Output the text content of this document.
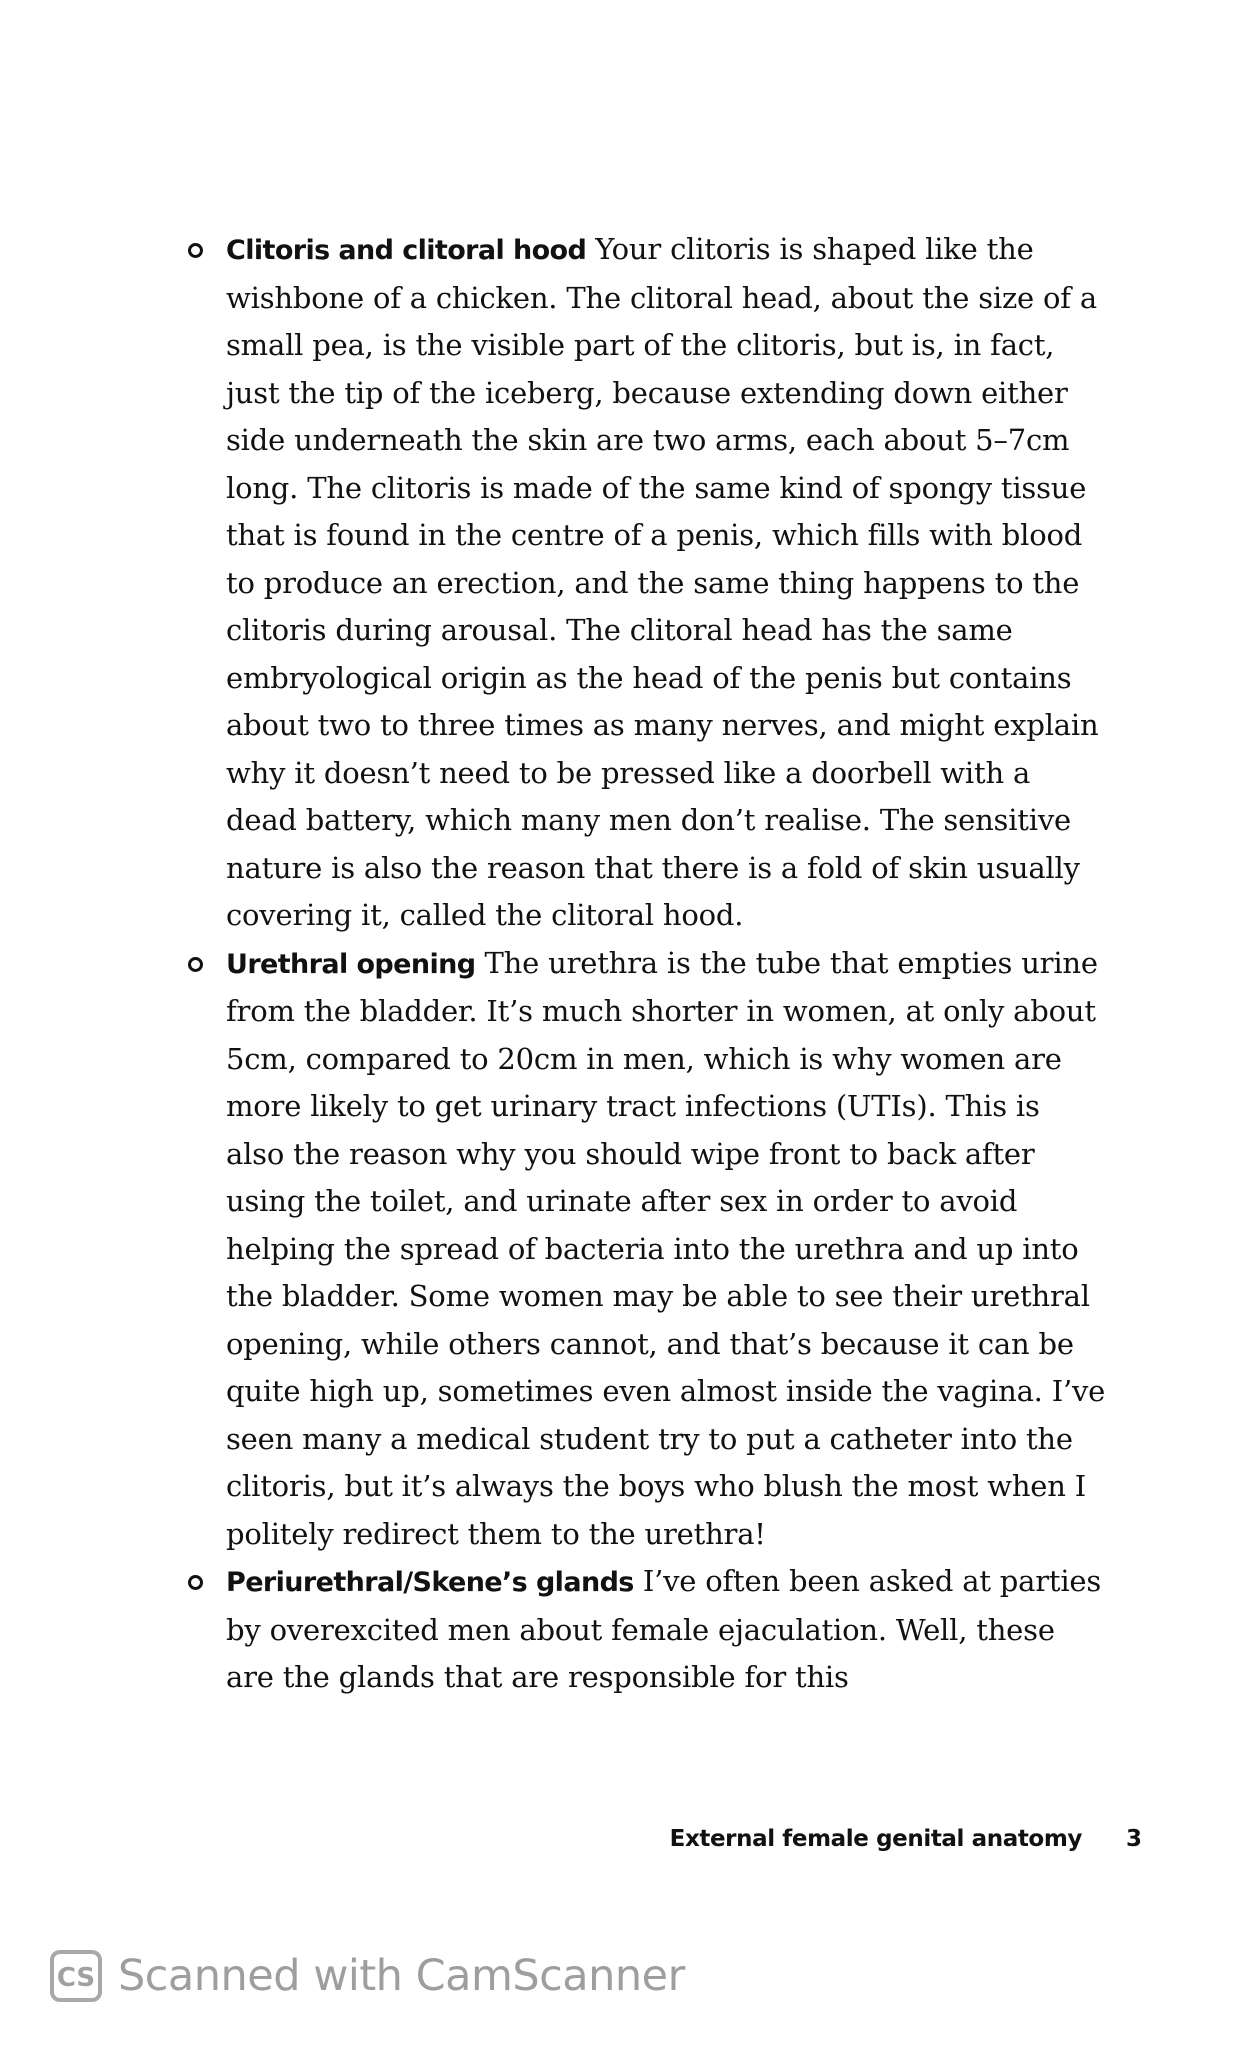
Clitoris and clitoral hood Your clitoris is shaped like the wishbone of a chicken. The clitoral head, about the size of a small pea, is the visible part of the clitoris, but is, in fact, just the tip of the iceberg, because extending down either side underneath the skin are two arms, each about 5–7cm long. The clitoris is made of the same kind of spongy tissue that is found in the centre of a penis, which fills with blood to produce an erection, and the same thing happens to the clitoris during arousal. The clitoral head has the same embryological origin as the head of the penis but contains about two to three times as many nerves, and might explain why it doesn’t need to be pressed like a doorbell with a dead battery, which many men don’t realise. The sensitive nature is also the reason that there is a fold of skin usually covering it, called the clitoral hood.
Urethral opening The urethra is the tube that empties urine from the bladder. It’s much shorter in women, at only about 5cm, compared to 20cm in men, which is why women are more likely to get urinary tract infections (UTIs). This is also the reason why you should wipe front to back after using the toilet, and urinate after sex in order to avoid helping the spread of bacteria into the urethra and up into the bladder. Some women may be able to see their urethral opening, while others cannot, and that’s because it can be quite high up, sometimes even almost inside the vagina. I’ve seen many a medical student try to put a catheter into the clitoris, but it’s always the boys who blush the most when I politely redirect them to the urethra!
Periurethral/Skene’s glands I’ve often been asked at parties by overexcited men about female ejaculation. Well, these are the glands that are responsible for this
External female genital anatomy 3
CS Scanned with CamScanner
